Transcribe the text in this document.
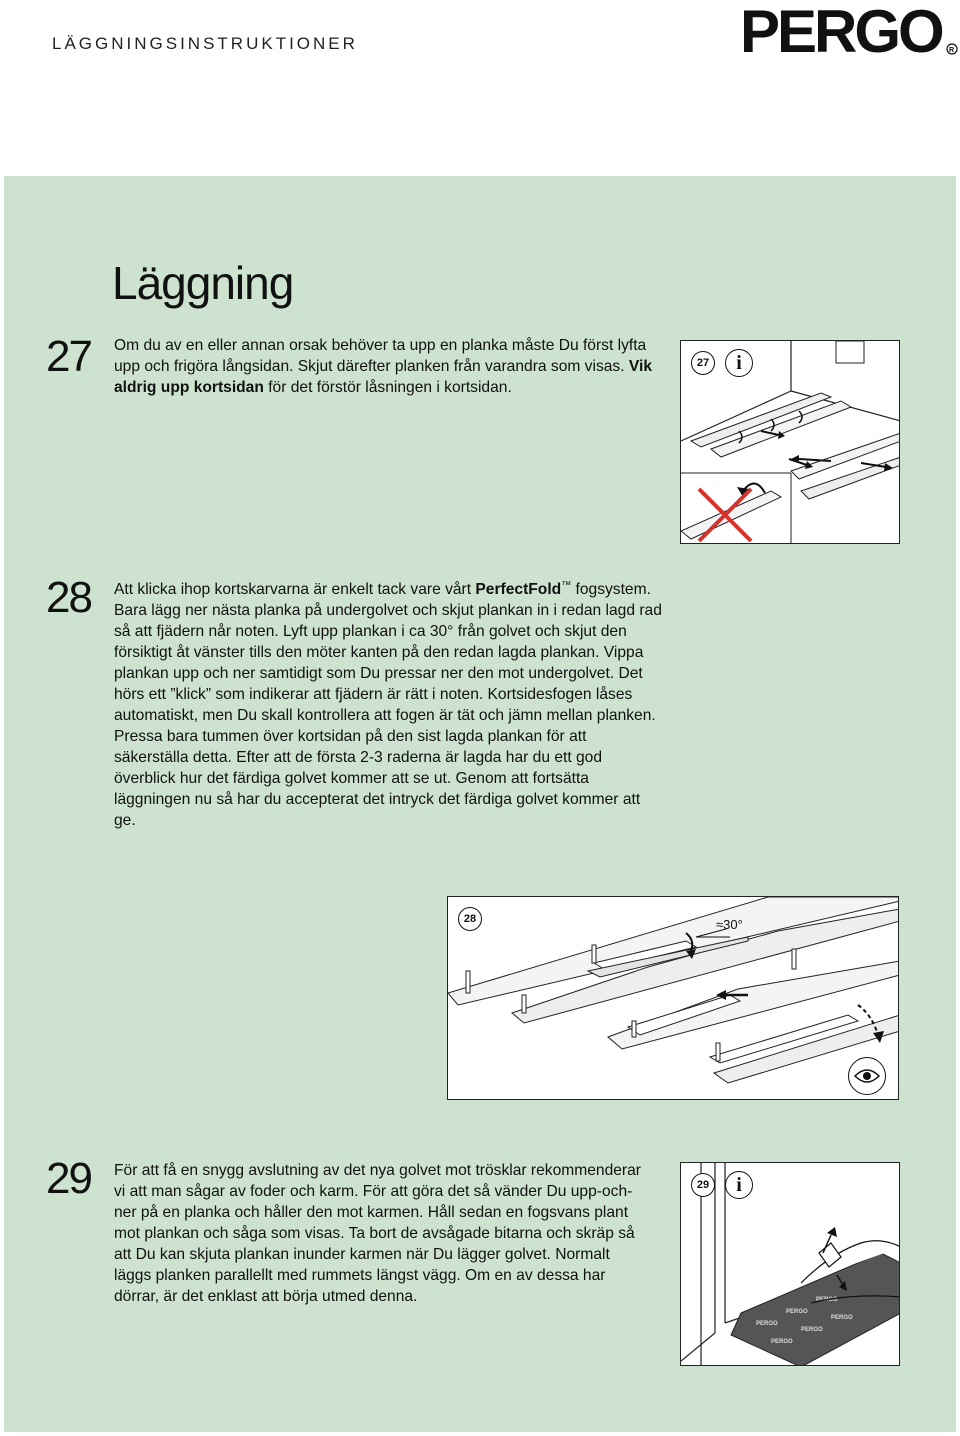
LÄGGNINGSINSTRUKTIONER	PERGO R
Läggning
27 Om du av en eller annan orsak behöver ta upp en planka måste Du först lyfta upp och frigöra långsidan. Skjut därefter planken från varandra som visas. Vik aldrig upp kortsidan för det förstör låsningen i kortsidan.
27	i
28 Att klicka ihop kortskarvarna är enkelt tack vare vårt PerfectFold™ fogsystem. Bara lägg ner nästa planka på undergolvet och skjut plankan in i redan lagd rad så att fjädern når noten. Lyft upp plankan i ca 30° från golvet och skjut den försiktigt åt vänster tills den möter kanten på den redan lagda plankan. Vippa plankan upp och ner samtidigt som Du pressar ner den mot undergolvet. Det hörs ett ”klick” som indikerar att fjädern är rätt i noten. Kortsidesfogen låses automatiskt, men Du skall kontrollera att fogen är tät och jämn mellan planken. Pressa bara tummen över kortsidan på den sist lagda plankan för att säkerställa detta. Efter att de första 2-3 raderna är lagda har du ett god överblick hur det färdiga golvet kommer att se ut. Genom att fortsätta läggningen nu så har du accepterat det intryck det färdiga golvet kommer att ge.
28	≈30°
29 För att få en snygg avslutning av det nya golvet mot trösklar rekommenderar vi att man sågar av foder och karm. För att göra det så vänder Du upp-och-ner på en planka och håller den mot karmen. Håll sedan en fogsvans plant mot plankan och såga som visas. Ta bort de avsågade bitarna och skräp så att Du kan skjuta plankan inunder karmen när Du lägger golvet. Normalt läggs planken parallellt med rummets längst vägg. Om en av dessa har dörrar, är det enklast att börja utmed denna.
PERGO
PERGO
PERGO
PERGO
PERGO
PERGO
29	i
